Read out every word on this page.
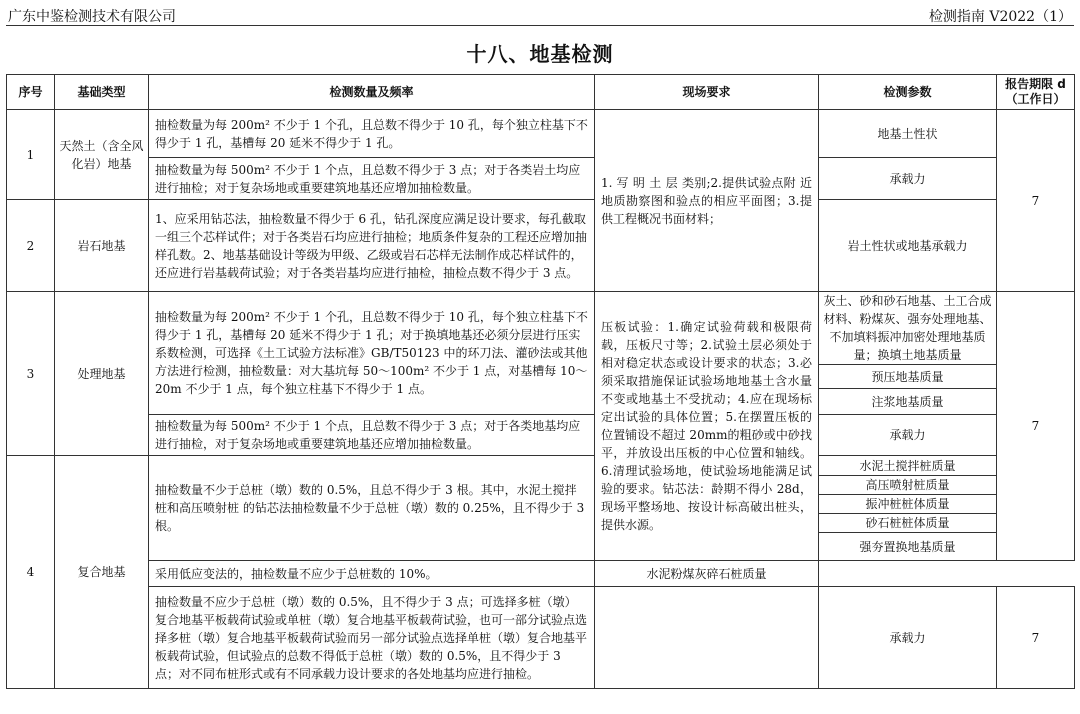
广东中鉴检测技术有限公司	检测指南 V2022（1）
十八、地基检测
序号	基础类型	检测数量及频率	现场要求	检测参数	报告期限 d
（工作日）
1	天然土（含全风化岩）地基	抽检数量为每 200m² 不少于 1 个孔，且总数不得少于 10 孔，每个独立柱基下不得少于 1 孔，基槽每 20 延米不得少于 1 孔。	1. 写 明 土 层 类别;2.提供试验点附 近地质勘察图和验点的相应平面图；3.提供工程概况书面材料；	地基土性状	7
		抽检数量为每 500m² 不少于 1 个点，且总数不得少于 3 点；对于各类岩土均应进行抽检；对于复杂场地或重要建筑地基还应增加抽检数量。		承载力	
2	岩石地基	1、应采用钻芯法，抽检数量不得少于 6 孔，钻孔深度应满足设计要求，每孔截取一组三个芯样试件；对于各类岩石均应进行抽检；地质条件复杂的工程还应增加抽样孔数。2、地基基础设计等级为甲级、乙级或岩石芯样无法制作成芯样试件的，还应进行岩基载荷试验；对于各类岩基均应进行抽检，抽检点数不得少于 3 点。		岩土性状或地基承载力	
3	处理地基	抽检数量为每 200m² 不少于 1 个孔，且总数不得少于 10 孔，每个独立柱基下不得少于 1 孔，基槽每 20 延米不得少于 1 孔；对于换填地基还必须分层进行压实系数检测，可选择《土工试验方法标准》GB/T50123 中的环刀法、灌砂法或其他方法进行检测，抽检数量：对大基坑每 50～100m² 不少于 1 点，对基槽每 10～20m 不少于 1 点，每个独立柱基下不得少于 1 点。	压板试验：1.确定试验荷载和极限荷载，压板尺寸等；2.试验土层必须处于相对稳定状态或设计要求的状态；3.必须采取措施保证试验场地地基土含水量不变或地基土不受扰动；4.应在现场标定出试验的具体位置；5.在摆置压板的位置铺设不超过 20mm的粗砂或中砂找平，并放设出压板的中心位置和轴线。6.清理试验场地，使试验场地能满足试验的要求。钻芯法：龄期不得小 28d，现场平整场地、按设计标高破出桩头，提供水源。	灰土、砂和砂石地基、土工合成材料、粉煤灰、强夯处理地基、不加填料振冲加密处理地基质量；换填土地基质量	7
				预压地基质量	
				注浆地基质量	
		抽检数量为每 500m² 不少于 1 个点，且总数不得少于 3 点；对于各类地基均应进行抽检，对于复杂场地或重要建筑地基还应增加抽检数量。		承载力	
4	复合地基	抽检数量不少于总桩（墩）数的 0.5%，且总不得少于 3 根。其中，水泥土搅拌桩和高压喷射桩 的钻芯法抽检数量不少于总桩（墩）数的 0.25%，且不得少于 3 根。		水泥土搅拌桩质量	
				高压喷射桩质量	
				振冲桩桩体质量	
				砂石桩桩体质量	
				强夯置换地基质量	
		采用低应变法的，抽检数量不应少于总桩数的 10%。	水泥粉煤灰碎石桩质量		
		抽检数量不应少于总桩（墩）数的 0.5%，且不得少于 3 点；可选择多桩（墩）复合地基平板载荷试验或单桩（墩）复合地基平板载荷试验，也可一部分试验点选择多桩（墩）复合地基平板载荷试验而另一部分试验点选择单桩（墩）复合地基平板载荷试验，但试验点的总数不得低于总桩（墩）数的 0.5%，且不得少于 3 点；对不同布桩形式或有不同承载力设计要求的各处地基均应进行抽检。		承载力	7
